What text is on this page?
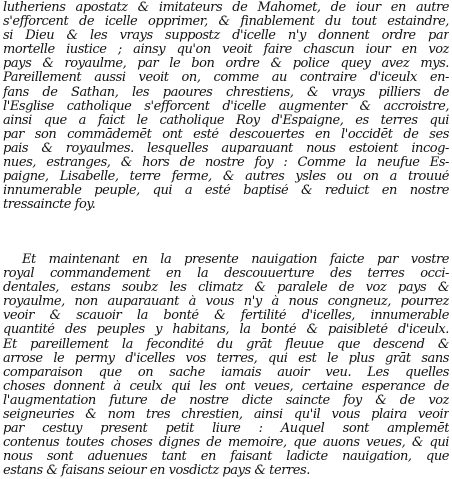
lutheriens apostatz & imitateurs de Mahomet, de iour en autre
s'efforcent de icelle opprimer, & finablement du tout estaindre,
si Dieu & les vrays suppostz d'icelle n'y donnent ordre par
mortelle iustice ; ainsy qu'on veoit faire chascun iour en voz
pays & royaulme, par le bon ordre & police quey avez mys.
Pareillement aussi veoit on, comme au contraire d'iceulx en-
fans de Sathan, les paoures chrestiens, & vrays pilliers de
l'Esglise catholique s'efforcent d'icelle augmenter & accroistre,
ainsi que a faict le catholique Roy d'Espaigne, es terres qui
par son commādemēt ont esté descouertes en l'occidēt de ses
pais & royaulmes. lesquelles auparauant nous estoient incog-
nues, estranges, & hors de nostre foy : Comme la neufue Es-
paigne, Lisabelle, terre ferme, & autres ysles ou on a trouué
innumerable peuple, qui a esté baptisé & reduict en nostre
tressaincte foy.
Et maintenant en la presente nauigation faicte par vostre
royal commandement en la descouuerture des terres occi-
dentales, estans soubz les climatz & paralele de voz pays &
royaulme, non auparauant à vous n'y à nous congneuz, pourrez
veoir & scauoir la bonté & fertilité d'icelles, innumerable
quantité des peuples y habitans, la bonté & paisibleté d'iceulx.
Et pareillement la fecondité du grāt fleuue que descend &
arrose le permy d'icelles vos terres, qui est le plus grāt sans
comparaison que on sache iamais auoir veu. Les quelles
choses donnent à ceulx qui les ont veues, certaine esperance de
l'augmentation future de nostre dicte saincte foy & de voz
seigneuries & nom tres chrestien, ainsi qu'il vous plaira veoir
par cestuy present petit liure : Auquel sont amplemēt
contenus toutes choses dignes de memoire, que auons veues, & qui
nous sont aduenues tant en faisant ladicte nauigation, que
estans & faisans seiour en vosdictz pays & terres.
